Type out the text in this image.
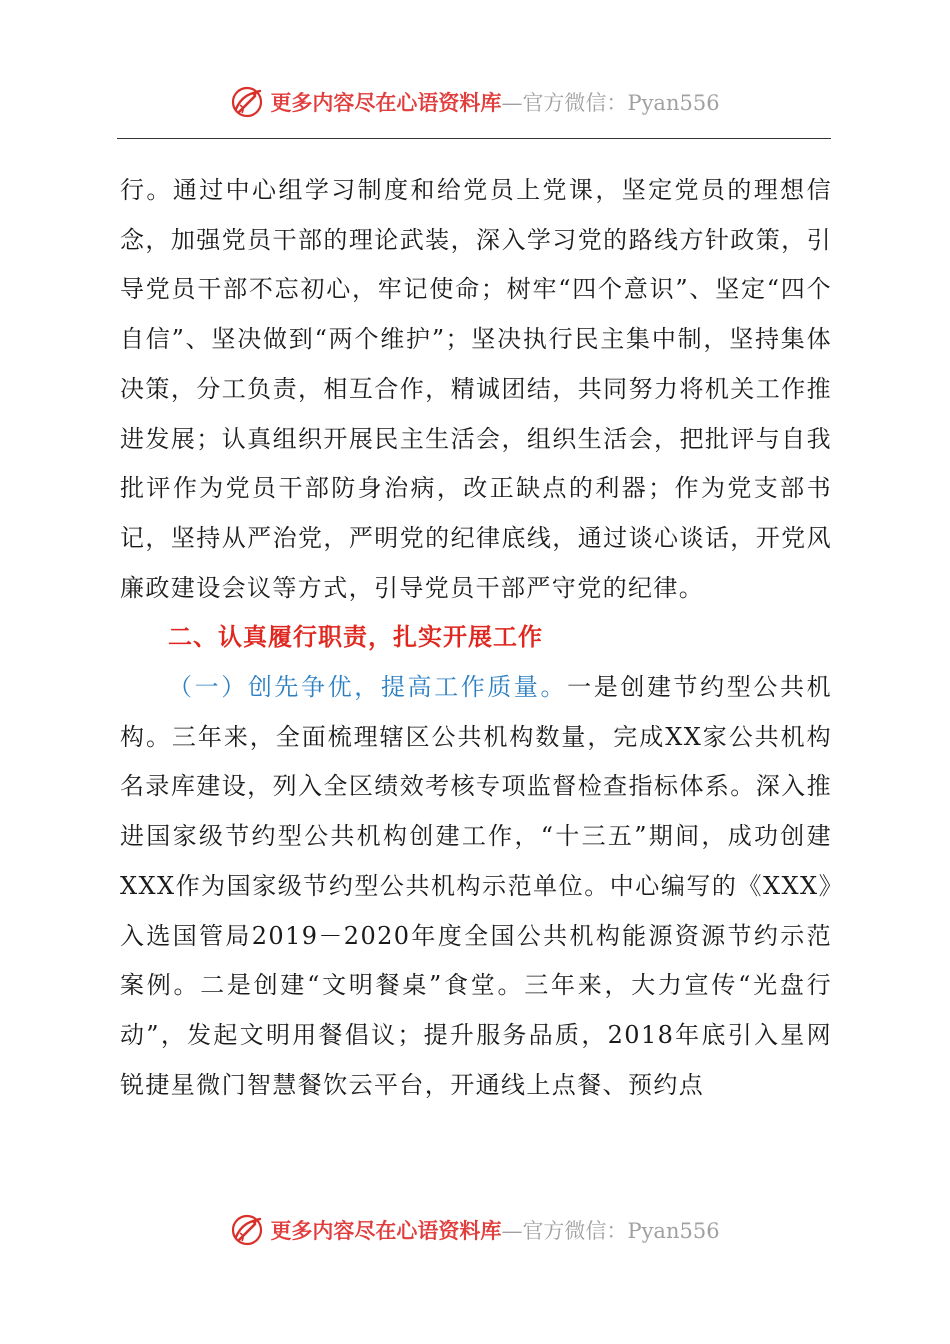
更多内容尽在心语资料库 —官方微信： Pyan556

行。通过中心组学习制度和给党员上党课，坚定党员的理想信念，加强党员干部的理论武装，深入学习党的路线方针政策，引导党员干部不忘初心，牢记使命；树牢“四个意识”、坚定“四个自信”、坚决做到“两个维护”；坚决执行民主集中制，坚持集体决策，分工负责，相互合作，精诚团结，共同努力将机关工作推进发展；认真组织开展民主生活会，组织生活会，把批评与自我批评作为党员干部防身治病，改正缺点的利器；作为党支部书记，坚持从严治党，严明党的纪律底线，通过谈心谈话，开党风廉政建设会议等方式，引导党员干部严守党的纪律。

二、认真履行职责，扎实开展工作

（一）创先争优，提高工作质量。一是创建节约型公共机构。三年来，全面梳理辖区公共机构数量，完成XX家公共机构名录库建设，列入全区绩效考核专项监督检查指标体系。深入推进国家级节约型公共机构创建工作，“十三五”期间，成功创建XXX作为国家级节约型公共机构示范单位。中心编写的《XXX》入选国管局2019－2020年度全国公共机构能源资源节约示范案例。二是创建“文明餐桌”食堂。三年来，大力宣传“光盘行动”，发起文明用餐倡议；提升服务品质，2018年底引入星网锐捷星微门智慧餐饮云平台，开通线上点餐、预约点

更多内容尽在心语资料库 —官方微信： Pyan556
